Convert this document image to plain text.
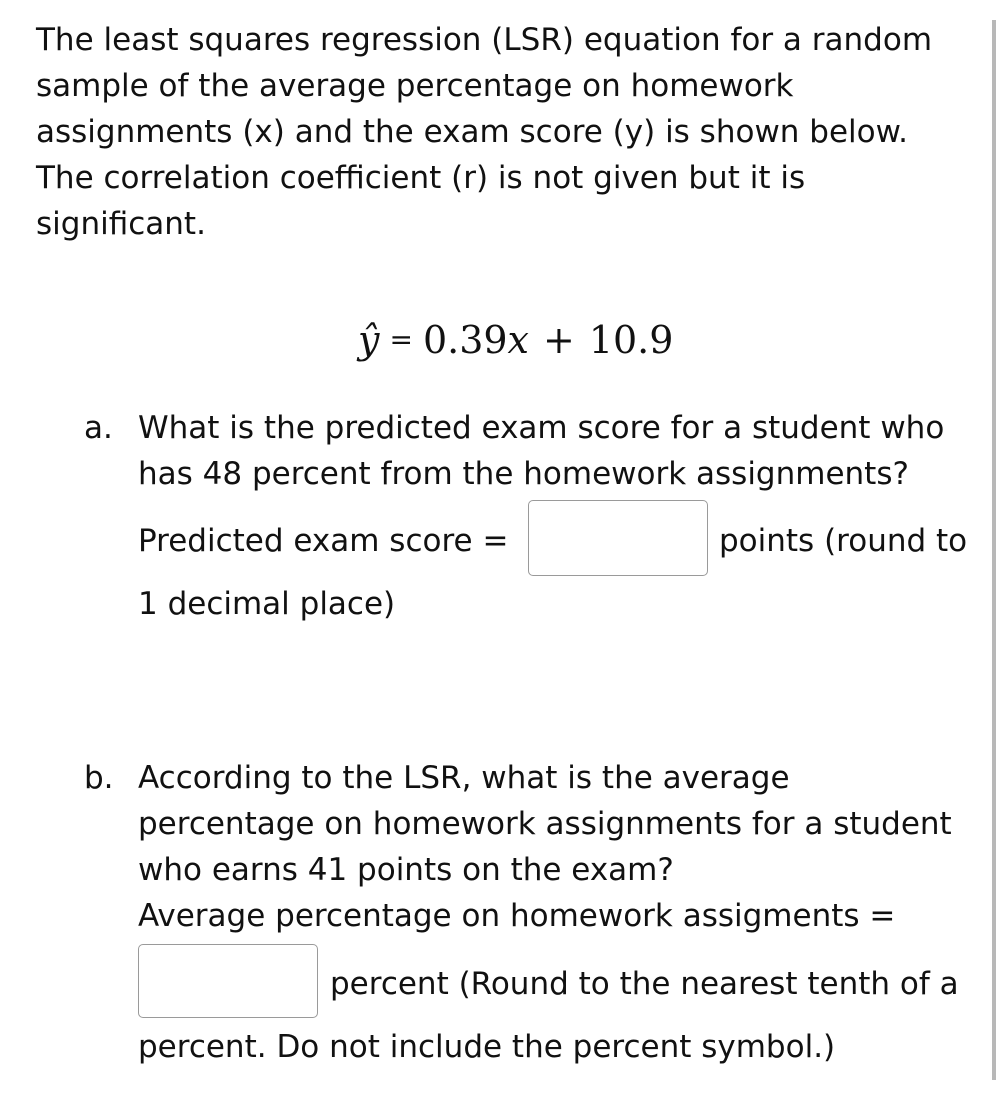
The least squares regression (LSR) equation for a random
sample of the average percentage on homework
assignments (x) and the exam score (y) is shown below.
The correlation coefficient (r) is not given but it is
significant.
ŷ = 0.39x + 10.9
a. What is the predicted exam score for a student who
has 48 percent from the homework assignments?
Predicted exam score =	points (round to
1 decimal place)
b. According to the LSR, what is the average
percentage on homework assignments for a student
who earns 41 points on the exam?
Average percentage on homework assigments =
percent (Round to the nearest tenth of a
percent. Do not include the percent symbol.)
